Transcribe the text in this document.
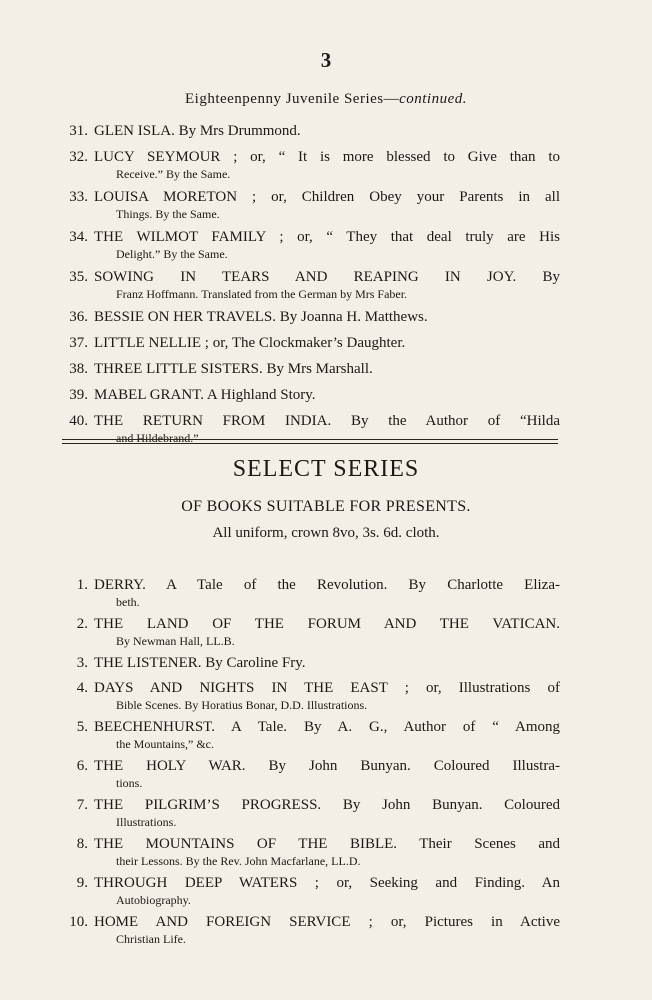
3
Eighteenpenny Juvenile Series—continued.
31. GLEN ISLA. By Mrs Drummond.
32. LUCY SEYMOUR ; or, “ It is more blessed to Give than to
Receive.” By the Same.
33. LOUISA MORETON ; or, Children Obey your Parents in all
Things. By the Same.
34. THE WILMOT FAMILY ; or, “ They that deal truly are His
Delight.” By the Same.
35. SOWING IN TEARS AND REAPING IN JOY. By
Franz Hoffmann. Translated from the German by Mrs Faber.
36. BESSIE ON HER TRAVELS. By Joanna H. Matthews.
37. LITTLE NELLIE ; or, The Clockmaker’s Daughter.
38. THREE LITTLE SISTERS. By Mrs Marshall.
39. MABEL GRANT. A Highland Story.
40. THE RETURN FROM INDIA. By the Author of “Hilda
and Hildebrand.”
SELECT SERIES
OF BOOKS SUITABLE FOR PRESENTS.
All uniform, crown 8vo, 3s. 6d. cloth.
1. DERRY. A Tale of the Revolution. By Charlotte Eliza-
beth.
2. THE LAND OF THE FORUM AND THE VATICAN.
By Newman Hall, LL.B.
3. THE LISTENER. By Caroline Fry.
4. DAYS AND NIGHTS IN THE EAST ; or, Illustrations of
Bible Scenes. By Horatius Bonar, D.D. Illustrations.
5. BEECHENHURST. A Tale. By A. G., Author of “ Among
the Mountains,” &c.
6. THE HOLY WAR. By John Bunyan. Coloured Illustra-
tions.
7. THE PILGRIM’S PROGRESS. By John Bunyan. Coloured
Illustrations.
8. THE MOUNTAINS OF THE BIBLE. Their Scenes and
their Lessons. By the Rev. John Macfarlane, LL.D.
9. THROUGH DEEP WATERS ; or, Seeking and Finding. An
Autobiography.
10. HOME AND FOREIGN SERVICE ; or, Pictures in Active
Christian Life.
